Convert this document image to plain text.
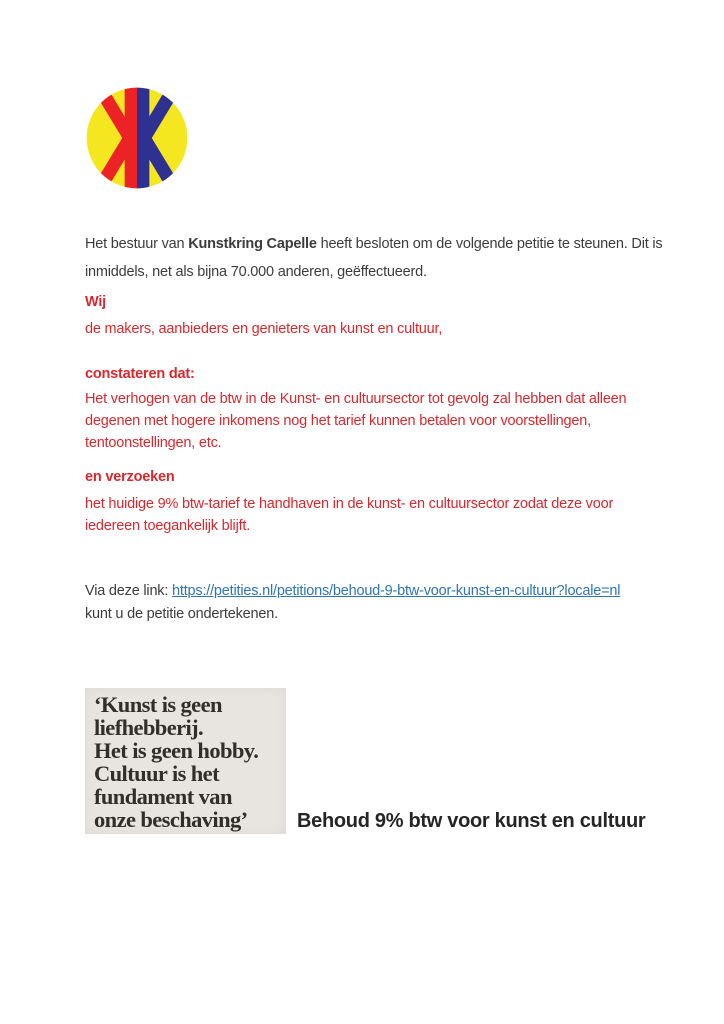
Het bestuur van Kunstkring Capelle heeft besloten om de volgende petitie te steunen. Dit is
inmiddels, net als bijna 70.000 anderen, geëffectueerd.
Wij
de makers, aanbieders en genieters van kunst en cultuur,
constateren dat:
Het verhogen van de btw in de Kunst- en cultuursector tot gevolg zal hebben dat alleen
degenen met hogere inkomens nog het tarief kunnen betalen voor voorstellingen,
tentoonstellingen, etc.
en verzoeken
het huidige 9% btw-tarief te handhaven in de kunst- en cultuursector zodat deze voor
iedereen toegankelijk blijft.
Via deze link: https://petities.nl/petitions/behoud-9-btw-voor-kunst-en-cultuur?locale=nl
kunt u de petitie ondertekenen.
‘Kunst is geen
liefhebberij.
Het is geen hobby.
Cultuur is het
fundament van
onze beschaving’	Behoud 9% btw voor kunst en cultuur
